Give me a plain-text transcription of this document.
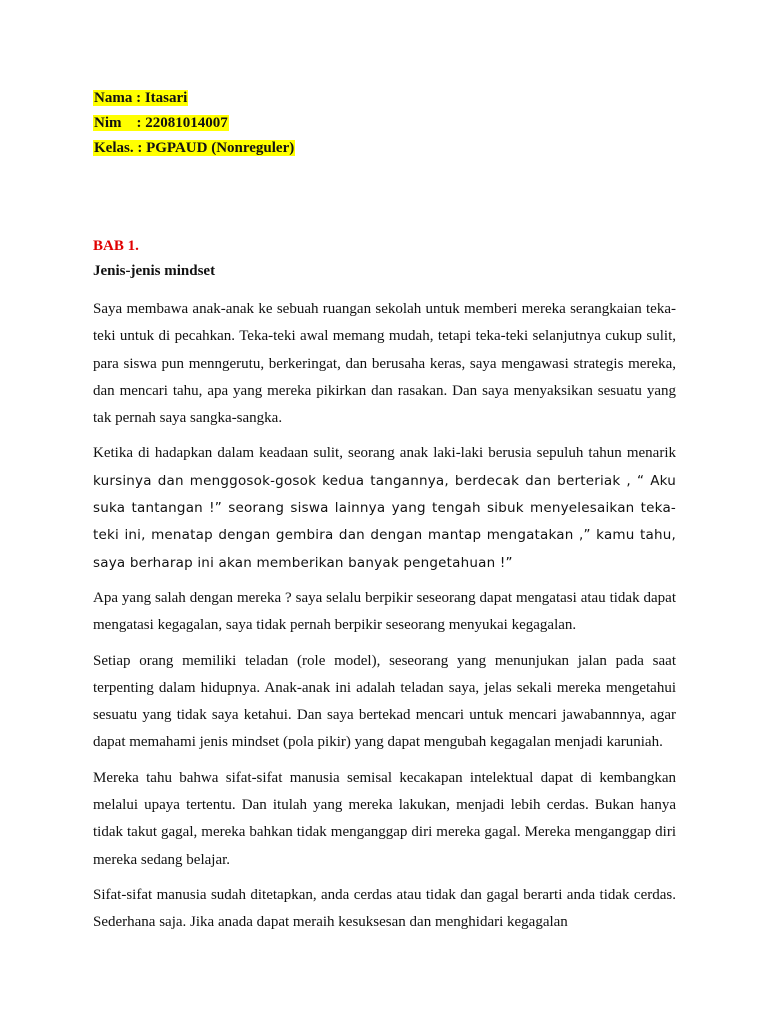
Nama : Itasari
Nim    : 22081014007
Kelas. : PGPAUD (Nonreguler)
BAB 1.
Jenis-jenis mindset

Saya membawa anak-anak ke sebuah ruangan sekolah untuk memberi mereka serangkaian teka-teki untuk di pecahkan. Teka-teki awal memang mudah, tetapi teka-teki selanjutnya cukup sulit, para siswa pun menngerutu, berkeringat, dan berusaha keras, saya mengawasi strategis mereka, dan mencari tahu, apa yang mereka pikirkan dan rasakan. Dan saya menyaksikan sesuatu yang tak pernah saya sangka-sangka.

Ketika di hadapkan dalam keadaan sulit, seorang anak laki-laki berusia sepuluh tahun menarik kursinya dan menggosok-gosok kedua tangannya, berdecak dan berteriak , “ Aku suka tantangan !” seorang siswa lainnya yang tengah sibuk menyelesaikan teka-teki ini, menatap dengan gembira dan dengan mantap mengatakan ,” kamu tahu, saya berharap ini akan memberikan banyak pengetahuan !”

Apa yang salah dengan mereka ? saya selalu berpikir seseorang dapat mengatasi atau tidak dapat mengatasi kegagalan, saya tidak pernah berpikir seseorang menyukai kegagalan.

Setiap orang memiliki teladan (role model), seseorang yang menunjukan jalan pada saat terpenting dalam hidupnya. Anak-anak ini adalah teladan saya, jelas sekali mereka mengetahui sesuatu yang tidak saya ketahui. Dan saya bertekad mencari untuk mencari jawabannnya, agar dapat memahami jenis mindset (pola pikir) yang dapat mengubah kegagalan menjadi karuniah.

Mereka tahu bahwa sifat-sifat manusia semisal kecakapan intelektual dapat di kembangkan melalui upaya tertentu. Dan itulah yang mereka lakukan, menjadi lebih cerdas. Bukan hanya tidak takut gagal, mereka bahkan tidak menganggap diri mereka gagal. Mereka menganggap diri mereka sedang belajar.

Sifat-sifat manusia sudah ditetapkan, anda cerdas atau tidak dan gagal berarti anda tidak cerdas. Sederhana saja. Jika anada dapat meraih kesuksesan dan menghidari kegagalan
